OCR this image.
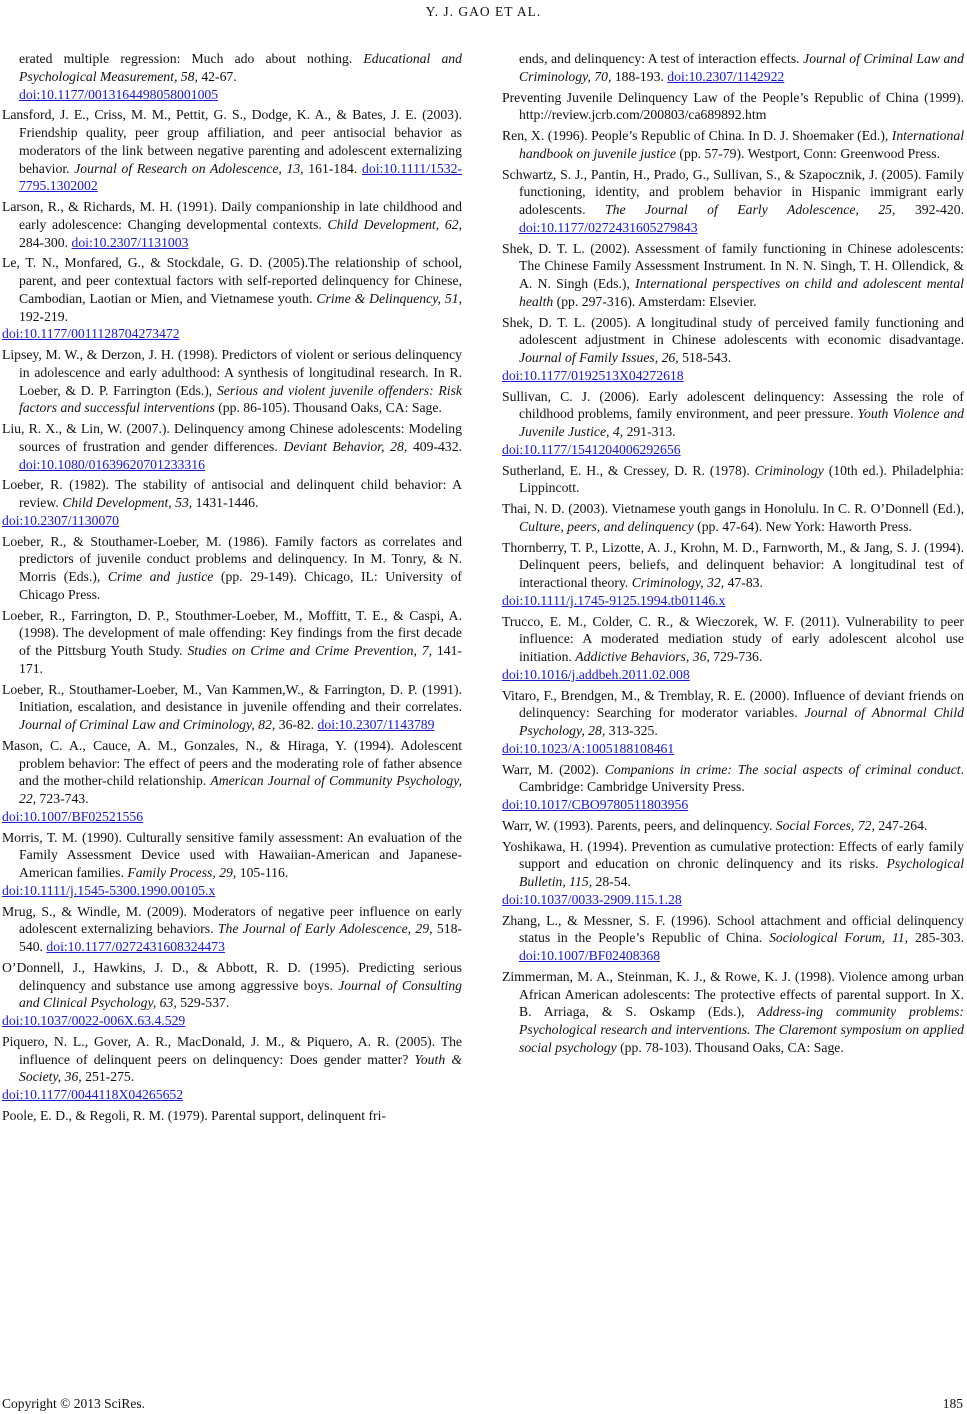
Y. J. GAO ET AL.

erated multiple regression: Much ado about nothing. Educational and Psychological Measurement, 58, 42-67.
doi:10.1177/0013164498058001005

Lansford, J. E., Criss, M. M., Pettit, G. S., Dodge, K. A., & Bates, J. E. (2003). Friendship quality, peer group affiliation, and peer antisocial behavior as moderators of the link between negative parenting and adolescent externalizing behavior. Journal of Research on Adolescence, 13, 161-184. doi:10.1111/1532-7795.1302002

Larson, R., & Richards, M. H. (1991). Daily companionship in late childhood and early adolescence: Changing developmental contexts. Child Development, 62, 284-300. doi:10.2307/1131003

Le, T. N., Monfared, G., & Stockdale, G. D. (2005).The relationship of school, parent, and peer contextual factors with self-reported delinquency for Chinese, Cambodian, Laotian or Mien, and Vietnamese youth. Crime & Delinquency, 51, 192-219.
doi:10.1177/0011128704273472

Lipsey, M. W., & Derzon, J. H. (1998). Predictors of violent or serious delinquency in adolescence and early adulthood: A synthesis of longitudinal research. In R. Loeber, & D. P. Farrington (Eds.), Serious and violent juvenile offenders: Risk factors and successful interventions (pp. 86-105). Thousand Oaks, CA: Sage.

Liu, R. X., & Lin, W. (2007.). Delinquency among Chinese adolescents: Modeling sources of frustration and gender differences. Deviant Behavior, 28, 409-432. doi:10.1080/01639620701233316

Loeber, R. (1982). The stability of antisocial and delinquent child behavior: A review. Child Development, 53, 1431-1446.
doi:10.2307/1130070

Loeber, R., & Stouthamer-Loeber, M. (1986). Family factors as correlates and predictors of juvenile conduct problems and delinquency. In M. Tonry, & N. Morris (Eds.), Crime and justice (pp. 29-149). Chicago, IL: University of Chicago Press.

Loeber, R., Farrington, D. P., Stouthmer-Loeber, M., Moffitt, T. E., & Caspi, A. (1998). The development of male offending: Key findings from the first decade of the Pittsburg Youth Study. Studies on Crime and Crime Prevention, 7, 141-171.

Loeber, R., Stouthamer-Loeber, M., Van Kammen,W., & Farrington, D. P. (1991). Initiation, escalation, and desistance in juvenile offending and their correlates. Journal of Criminal Law and Criminology, 82, 36-82. doi:10.2307/1143789

Mason, C. A., Cauce, A. M., Gonzales, N., & Hiraga, Y. (1994). Adolescent problem behavior: The effect of peers and the moderating role of father absence and the mother-child relationship. American Journal of Community Psychology, 22, 723-743.
doi:10.1007/BF02521556

Morris, T. M. (1990). Culturally sensitive family assessment: An evaluation of the Family Assessment Device used with Hawaiian-American and Japanese-American families. Family Process, 29, 105-116.
doi:10.1111/j.1545-5300.1990.00105.x

Mrug, S., & Windle, M. (2009). Moderators of negative peer influence on early adolescent externalizing behaviors. The Journal of Early Adolescence, 29, 518-540. doi:10.1177/0272431608324473

O’Donnell, J., Hawkins, J. D., & Abbott, R. D. (1995). Predicting serious delinquency and substance use among aggressive boys. Journal of Consulting and Clinical Psychology, 63, 529-537.
doi:10.1037/0022-006X.63.4.529

Piquero, N. L., Gover, A. R., MacDonald, J. M., & Piquero, A. R. (2005). The influence of delinquent peers on delinquency: Does gender matter? Youth & Society, 36, 251-275.
doi:10.1177/0044118X04265652

Poole, E. D., & Regoli, R. M. (1979). Parental support, delinquent fri-

ends, and delinquency: A test of interaction effects. Journal of Criminal Law and Criminology, 70, 188-193. doi:10.2307/1142922

Preventing Juvenile Delinquency Law of the People’s Republic of China (1999). http://review.jcrb.com/200803/ca689892.htm

Ren, X. (1996). People’s Republic of China. In D. J. Shoemaker (Ed.), International handbook on juvenile justice (pp. 57-79). Westport, Conn: Greenwood Press.

Schwartz, S. J., Pantin, H., Prado, G., Sullivan, S., & Szapocznik, J. (2005). Family functioning, identity, and problem behavior in Hispanic immigrant early adolescents. The Journal of Early Adolescence, 25, 392-420. doi:10.1177/0272431605279843

Shek, D. T. L. (2002). Assessment of family functioning in Chinese adolescents: The Chinese Family Assessment Instrument. In N. N. Singh, T. H. Ollendick, & A. N. Singh (Eds.), International perspectives on child and adolescent mental health (pp. 297-316). Amsterdam: Elsevier.

Shek, D. T. L. (2005). A longitudinal study of perceived family functioning and adolescent adjustment in Chinese adolescents with economic disadvantage. Journal of Family Issues, 26, 518-543.
doi:10.1177/0192513X04272618

Sullivan, C. J. (2006). Early adolescent delinquency: Assessing the role of childhood problems, family environment, and peer pressure. Youth Violence and Juvenile Justice, 4, 291-313.
doi:10.1177/1541204006292656

Sutherland, E. H., & Cressey, D. R. (1978). Criminology (10th ed.). Philadelphia: Lippincott.

Thai, N. D. (2003). Vietnamese youth gangs in Honolulu. In C. R. O’Donnell (Ed.), Culture, peers, and delinquency (pp. 47-64). New York: Haworth Press.

Thornberry, T. P., Lizotte, A. J., Krohn, M. D., Farnworth, M., & Jang, S. J. (1994). Delinquent peers, beliefs, and delinquent behavior: A longitudinal test of interactional theory. Criminology, 32, 47-83.
doi:10.1111/j.1745-9125.1994.tb01146.x

Trucco, E. M., Colder, C. R., & Wieczorek, W. F. (2011). Vulnerability to peer influence: A moderated mediation study of early adolescent alcohol use initiation. Addictive Behaviors, 36, 729-736.
doi:10.1016/j.addbeh.2011.02.008

Vitaro, F., Brendgen, M., & Tremblay, R. E. (2000). Influence of deviant friends on delinquency: Searching for moderator variables. Journal of Abnormal Child Psychology, 28, 313-325.
doi:10.1023/A:1005188108461

Warr, M. (2002). Companions in crime: The social aspects of criminal conduct. Cambridge: Cambridge University Press.
doi:10.1017/CBO9780511803956

Warr, W. (1993). Parents, peers, and delinquency. Social Forces, 72, 247-264.

Yoshikawa, H. (1994). Prevention as cumulative protection: Effects of early family support and education on chronic delinquency and its risks. Psychological Bulletin, 115, 28-54.
doi:10.1037/0033-2909.115.1.28

Zhang, L., & Messner, S. F. (1996). School attachment and official delinquency status in the People’s Republic of China. Sociological Forum, 11, 285-303. doi:10.1007/BF02408368

Zimmerman, M. A., Steinman, K. J., & Rowe, K. J. (1998). Violence among urban African American adolescents: The protective effects of parental support. In X. B. Arriaga, & S. Oskamp (Eds.), Address-ing community problems: Psychological research and interventions. The Claremont symposium on applied social psychology (pp. 78-103). Thousand Oaks, CA: Sage.

Copyright © 2013 SciRes.	185
